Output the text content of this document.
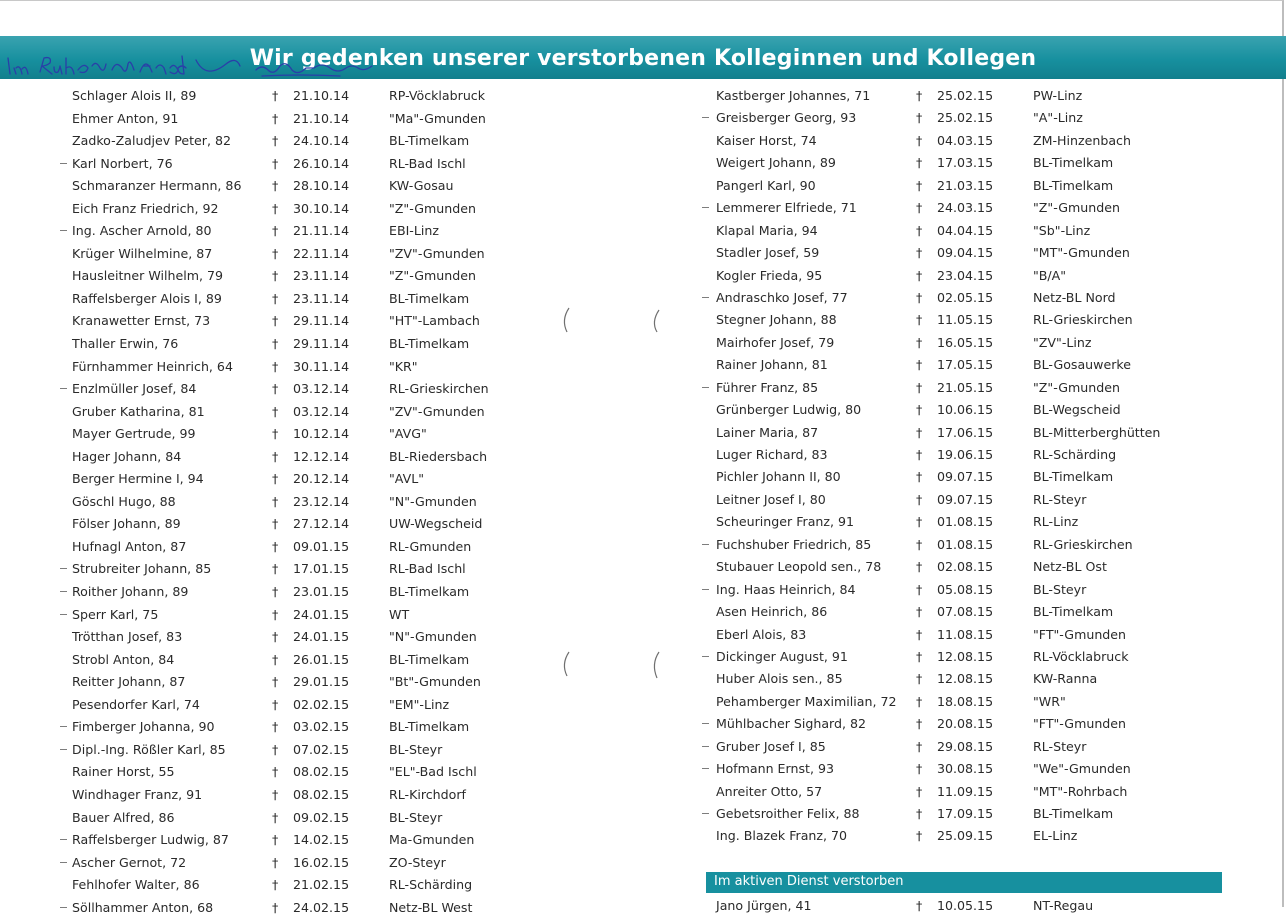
Wir gedenken unserer verstorbenen Kolleginnen und Kollegen
Schlager Alois II, 89	† 21.10.14	RP-Vöcklabruck
Ehmer Anton, 91	† 21.10.14	"Ma"-Gmunden
Zadko-Zaludjev Peter, 82	† 24.10.14	BL-Timelkam
Karl Norbert, 76	† 26.10.14	RL-Bad Ischl
Schmaranzer Hermann, 86 † 28.10.14	KW-Gosau
Eich Franz Friedrich, 92	† 30.10.14	"Z"-Gmunden
Ing. Ascher Arnold, 80	† 21.11.14	EBI-Linz
Krüger Wilhelmine, 87	† 22.11.14	"ZV"-Gmunden
Hausleitner Wilhelm, 79	† 23.11.14	"Z"-Gmunden
Raffelsberger Alois I, 89	† 23.11.14	BL-Timelkam
Kranawetter Ernst, 73	† 29.11.14	"HT"-Lambach
Thaller Erwin, 76	† 29.11.14	BL-Timelkam
Fürnhammer Heinrich, 64	† 30.11.14	"KR"
Enzlmüller Josef, 84	† 03.12.14	RL-Grieskirchen
Gruber Katharina, 81	† 03.12.14	"ZV"-Gmunden
Mayer Gertrude, 99	† 10.12.14	"AVG"
Hager Johann, 84	† 12.12.14	BL-Riedersbach
Berger Hermine I, 94	† 20.12.14	"AVL"
Göschl Hugo, 88	† 23.12.14	"N"-Gmunden
Fölser Johann, 89	† 27.12.14	UW-Wegscheid
Hufnagl Anton, 87	† 09.01.15	RL-Gmunden
Strubreiter Johann, 85	† 17.01.15	RL-Bad Ischl
Roither Johann, 89	† 23.01.15	BL-Timelkam
Sperr Karl, 75	† 24.01.15	WT
Trötthan Josef, 83	† 24.01.15	"N"-Gmunden
Strobl Anton, 84	† 26.01.15	BL-Timelkam
Reitter Johann, 87	† 29.01.15	"Bt"-Gmunden
Pesendorfer Karl, 74	† 02.02.15	"EM"-Linz
Fimberger Johanna, 90	† 03.02.15	BL-Timelkam
Dipl.-Ing. Rößler Karl, 85	† 07.02.15	BL-Steyr
Rainer Horst, 55	† 08.02.15	"EL"-Bad Ischl
Windhager Franz, 91	† 08.02.15	RL-Kirchdorf
Bauer Alfred, 86	† 09.02.15	BL-Steyr
Raffelsberger Ludwig, 87	† 14.02.15	Ma-Gmunden
Ascher Gernot, 72	† 16.02.15	ZO-Steyr
Fehlhofer Walter, 86	† 21.02.15	RL-Schärding
Söllhammer Anton, 68	† 24.02.15	Netz-BL West
Kastberger Johannes, 71	† 25.02.15	PW-Linz
Greisberger Georg, 93	† 25.02.15	"A"-Linz
Kaiser Horst, 74	† 04.03.15	ZM-Hinzenbach
Weigert Johann, 89	† 17.03.15	BL-Timelkam
Pangerl Karl, 90	† 21.03.15	BL-Timelkam
Lemmerer Elfriede, 71	† 24.03.15	"Z"-Gmunden
Klapal Maria, 94	† 04.04.15	"Sb"-Linz
Stadler Josef, 59	† 09.04.15	"MT"-Gmunden
Kogler Frieda, 95	† 23.04.15	"B/A"
Andraschko Josef, 77	† 02.05.15	Netz-BL Nord
Stegner Johann, 88	† 11.05.15	RL-Grieskirchen
Mairhofer Josef, 79	† 16.05.15	"ZV"-Linz
Rainer Johann, 81	† 17.05.15	BL-Gosauwerke
Führer Franz, 85	† 21.05.15	"Z"-Gmunden
Grünberger Ludwig, 80	† 10.06.15	BL-Wegscheid
Lainer Maria, 87	† 17.06.15	BL-Mitterberghütten
Luger Richard, 83	† 19.06.15	RL-Schärding
Pichler Johann II, 80	† 09.07.15	BL-Timelkam
Leitner Josef I, 80	† 09.07.15	RL-Steyr
Scheuringer Franz, 91	† 01.08.15	RL-Linz
Fuchshuber Friedrich, 85	† 01.08.15	RL-Grieskirchen
Stubauer Leopold sen., 78	† 02.08.15	Netz-BL Ost
Ing. Haas Heinrich, 84	† 05.08.15	BL-Steyr
Asen Heinrich, 86	† 07.08.15	BL-Timelkam
Eberl Alois, 83	† 11.08.15	"FT"-Gmunden
Dickinger August, 91	† 12.08.15	RL-Vöcklabruck
Huber Alois sen., 85	† 12.08.15	KW-Ranna
Pehamberger Maximilian, 72 † 18.08.15	"WR"
Mühlbacher Sighard, 82	† 20.08.15	"FT"-Gmunden
Gruber Josef I, 85	† 29.08.15	RL-Steyr
Hofmann Ernst, 93	† 30.08.15	"We"-Gmunden
Anreiter Otto, 57	† 11.09.15	"MT"-Rohrbach
Gebetsroither Felix, 88	† 17.09.15	BL-Timelkam
Ing. Blazek Franz, 70	† 25.09.15	EL-Linz
Im aktiven Dienst verstorben
Jano Jürgen, 41	† 10.05.15	NT-Regau
